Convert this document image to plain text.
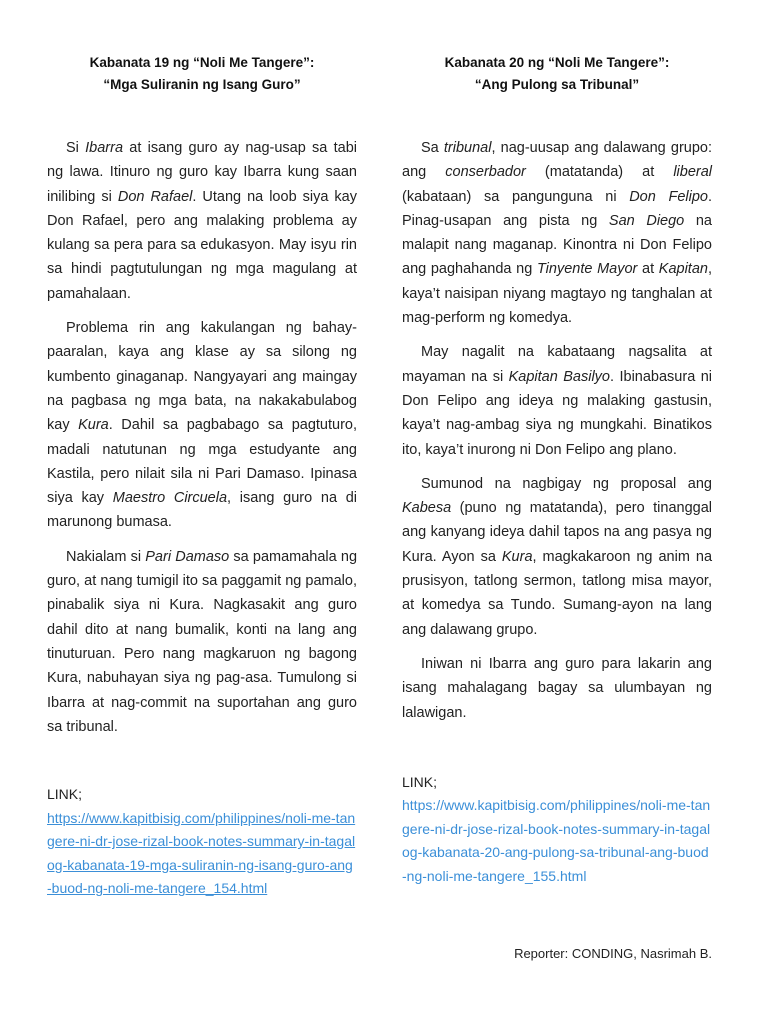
Kabanata 19 ng “Noli Me Tangere”:
“Mga Suliranin ng Isang Guro”

Si Ibarra at isang guro ay nag-usap sa tabi ng lawa. Itinuro ng guro kay Ibarra kung saan inilibing si Don Rafael. Utang na loob siya kay Don Rafael, pero ang malaking problema ay kulang sa pera para sa edukasyon. May isyu rin sa hindi pagtutulungan ng mga magulang at pamahalaan.

Problema rin ang kakulangan ng bahay-paaralan, kaya ang klase ay sa silong ng kumbento ginaganap. Nangyayari ang maingay na pagbasa ng mga bata, na nakakabulabog kay Kura. Dahil sa pagbabago sa pagtuturo, madali natutunan ng mga estudyante ang Kastila, pero nilait sila ni Pari Damaso. Ipinasa siya kay Maestro Circuela, isang guro na di marunong bumasa.

Nakialam si Pari Damaso sa pamamahala ng guro, at nang tumigil ito sa paggamit ng pamalo, pinabalik siya ni Kura. Nagkasakit ang guro dahil dito at nang bumalik, konti na lang ang tinuturuan. Pero nang magkaruon ng bagong Kura, nabuhayan siya ng pag-asa. Tumulong si Ibarra at nag-commit na suportahan ang guro sa tribunal.

LINK;
https://www.kapitbisig.com/philippines/noli-me-tangere-ni-dr-jose-rizal-book-notes-summary-in-tagalog-kabanata-19-mga-suliranin-ng-isang-guro-ang-buod-ng-noli-me-tangere_154.html

Kabanata 20 ng “Noli Me Tangere”:
“Ang Pulong sa Tribunal”

Sa tribunal, nag-uusap ang dalawang grupo: ang conserbador (matatanda) at liberal (kabataan) sa pangunguna ni Don Felipo. Pinag-usapan ang pista ng San Diego na malapit nang maganap. Kinontra ni Don Felipo ang paghahanda ng Tinyente Mayor at Kapitan, kaya’t naisipan niyang magtayo ng tanghalan at mag-perform ng komedya.

May nagalit na kabataang nagsalita at mayaman na si Kapitan Basilyo. Ibinabasura ni Don Felipo ang ideya ng malaking gastusin, kaya’t nag-ambag siya ng mungkahi. Binatikos ito, kaya’t inurong ni Don Felipo ang plano.

Sumunod na nagbigay ng proposal ang Kabesa (puno ng matatanda), pero tinanggal ang kanyang ideya dahil tapos na ang pasya ng Kura. Ayon sa Kura, magkakaroon ng anim na prusisyon, tatlong sermon, tatlong misa mayor, at komedya sa Tundo. Sumang-ayon na lang ang dalawang grupo.

Iniwan ni Ibarra ang guro para lakarin ang isang mahalagang bagay sa ulumbayan ng lalawigan.

LINK;
https://www.kapitbisig.com/philippines/noli-me-tangere-ni-dr-jose-rizal-book-notes-summary-in-tagalog-kabanata-20-ang-pulong-sa-tribunal-ang-buod-ng-noli-me-tangere_155.html
Reporter: CONDING, Nasrimah B.
